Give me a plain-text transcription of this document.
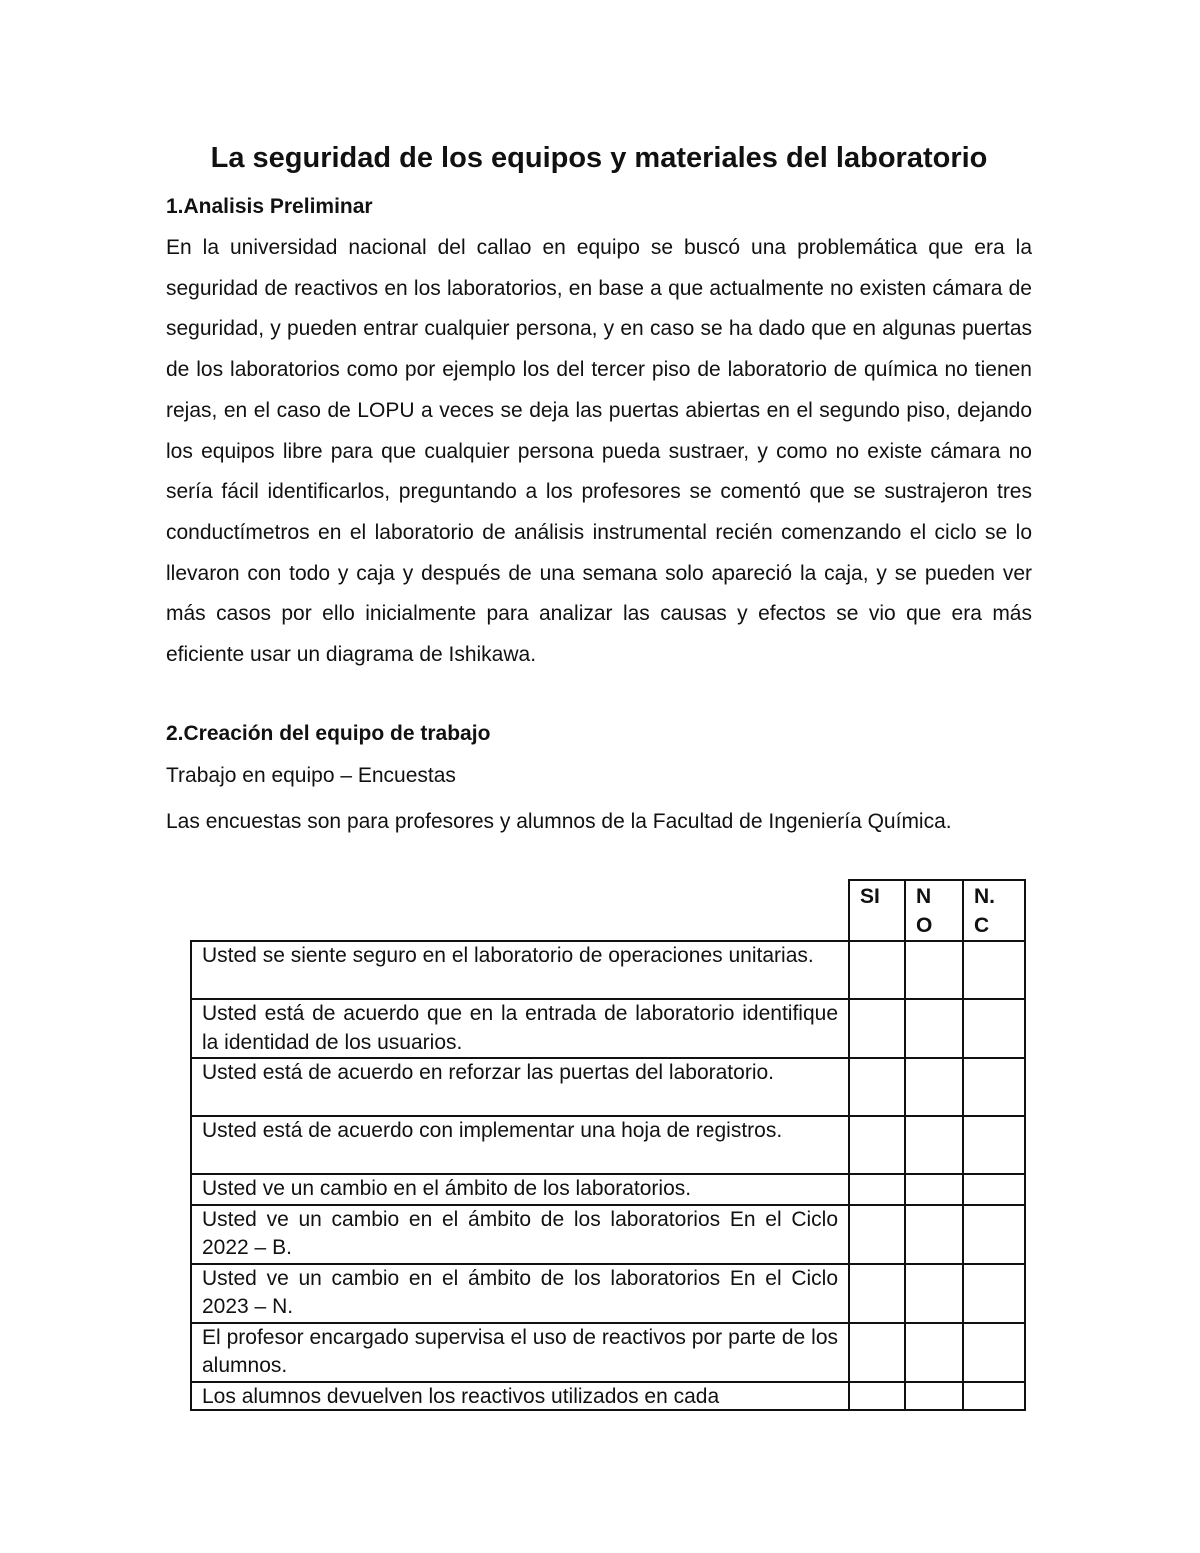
La seguridad de los equipos y materiales del laboratorio
1.Analisis Preliminar

En la universidad nacional del callao en equipo se buscó una problemática que era la seguridad de reactivos en los laboratorios, en base a que actualmente no existen cámara de seguridad, y pueden entrar cualquier persona, y en caso se ha dado que en algunas puertas de los laboratorios como por ejemplo los del tercer piso de laboratorio de química no tienen rejas, en el caso de LOPU a veces se deja las puertas abiertas en el segundo piso, dejando los equipos libre para que cualquier persona pueda sustraer, y como no existe cámara no sería fácil identificarlos, preguntando a los profesores se comentó que se sustrajeron tres conductímetros en el laboratorio de análisis instrumental recién comenzando el ciclo se lo llevaron con todo y caja y después de una semana solo apareció la caja, y se pueden ver más casos por ello inicialmente para analizar las causas y efectos se vio que era más eficiente usar un diagrama de Ishikawa.

2.Creación del equipo de trabajo

Trabajo en equipo – Encuestas

Las encuestas son para profesores y alumnos de la Facultad de Ingeniería Química.

	SI	N O	N. C
Usted se siente seguro en el laboratorio de operaciones unitarias.			
Usted está de acuerdo que en la entrada de laboratorio identifique la identidad de los usuarios.			
Usted está de acuerdo en reforzar las puertas del laboratorio.			
Usted está de acuerdo con implementar una hoja de registros.			
Usted ve un cambio en el ámbito de los laboratorios.			
Usted ve un cambio en el ámbito de los laboratorios En el Ciclo 2022 – B.			
Usted ve un cambio en el ámbito de los laboratorios En el Ciclo 2023 – N.			
El profesor encargado supervisa el uso de reactivos por parte de los alumnos.			

Los alumnos devuelven los reactivos utilizados en cada			
